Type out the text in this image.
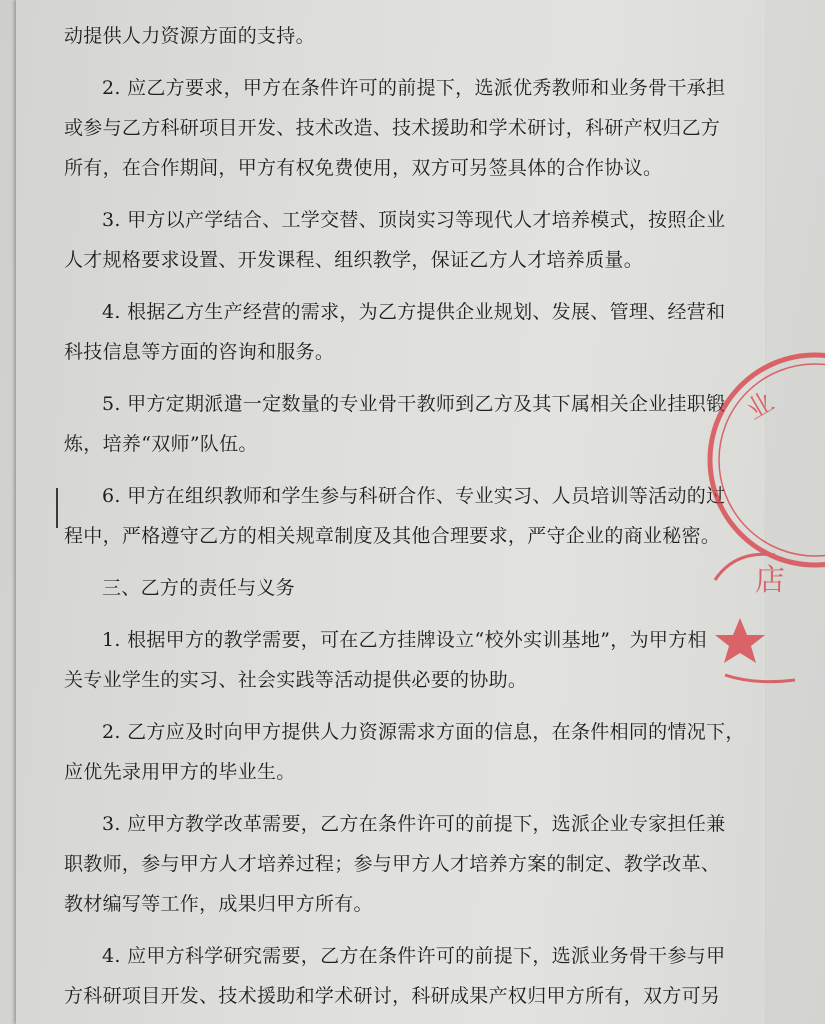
动提供人力资源方面的支持。
2. 应乙方要求，甲方在条件许可的前提下，选派优秀教师和业务骨干承担
或参与乙方科研项目开发、技术改造、技术援助和学术研讨，科研产权归乙方
所有，在合作期间，甲方有权免费使用，双方可另签具体的合作协议。
3. 甲方以产学结合、工学交替、顶岗实习等现代人才培养模式，按照企业
人才规格要求设置、开发课程、组织教学，保证乙方人才培养质量。
4. 根据乙方生产经营的需求，为乙方提供企业规划、发展、管理、经营和
科技信息等方面的咨询和服务。
5. 甲方定期派遣一定数量的专业骨干教师到乙方及其下属相关企业挂职锻
炼，培养“双师”队伍。
6. 甲方在组织教师和学生参与科研合作、专业实习、人员培训等活动的过
程中，严格遵守乙方的相关规章制度及其他合理要求，严守企业的商业秘密。
三、乙方的责任与义务
1. 根据甲方的教学需要，可在乙方挂牌设立“校外实训基地”，为甲方相
关专业学生的实习、社会实践等活动提供必要的协助。
2. 乙方应及时向甲方提供人力资源需求方面的信息，在条件相同的情况下，
应优先录用甲方的毕业生。
3. 应甲方教学改革需要，乙方在条件许可的前提下，选派企业专家担任兼
职教师，参与甲方人才培养过程；参与甲方人才培养方案的制定、教学改革、
教材编写等工作，成果归甲方所有。
4. 应甲方科学研究需要，乙方在条件许可的前提下，选派业务骨干参与甲
方科研项目开发、技术援助和学术研讨，科研成果产权归甲方所有，双方可另
业
店
